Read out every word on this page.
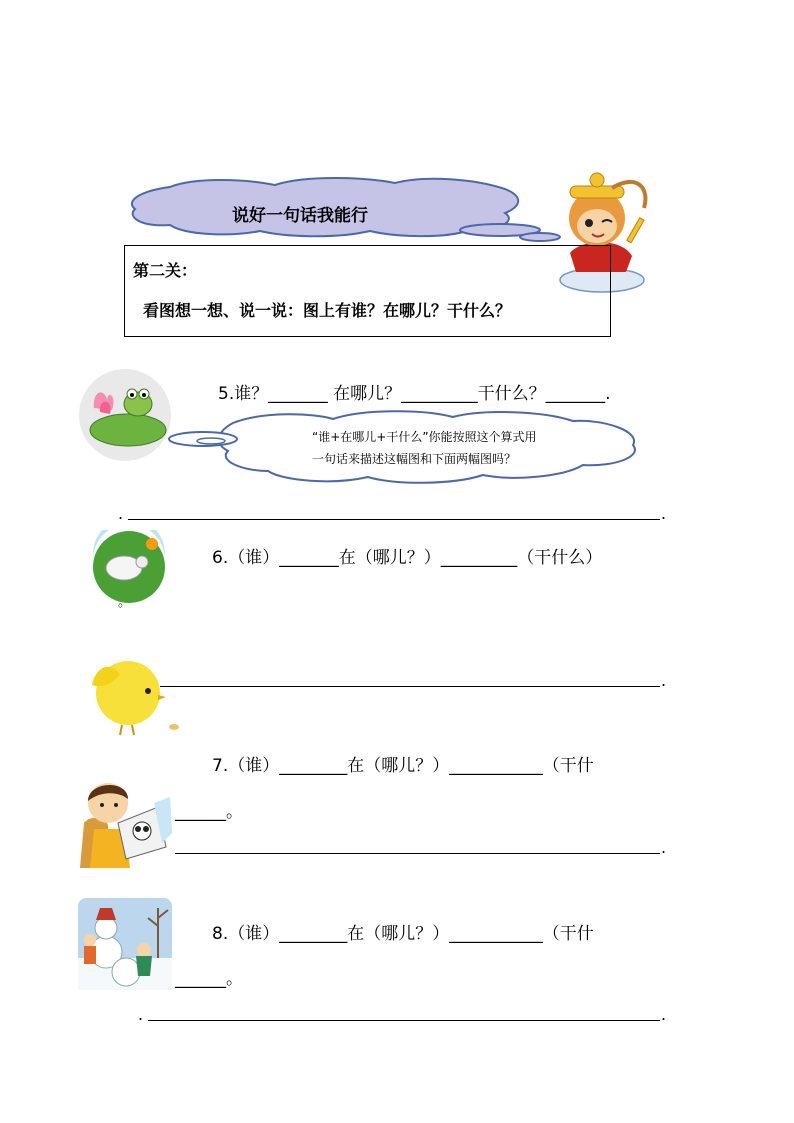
说好一句话我能行
第二关：
看图想一想、说一说：图上有谁？在哪儿？干什么？
5.谁？_______ 在哪儿？_________干什么？_______.
“谁+在哪儿+干什么”你能按照这个算式用
一句话来描述这幅图和下面两幅图吗？
.	.
6.（谁）_______在（哪儿？）_________（干什么）
。
.
7.（谁）________在（哪儿？）___________（干什
______。
.
8.（谁）________在（哪儿？）___________（干什
______。
.	.
